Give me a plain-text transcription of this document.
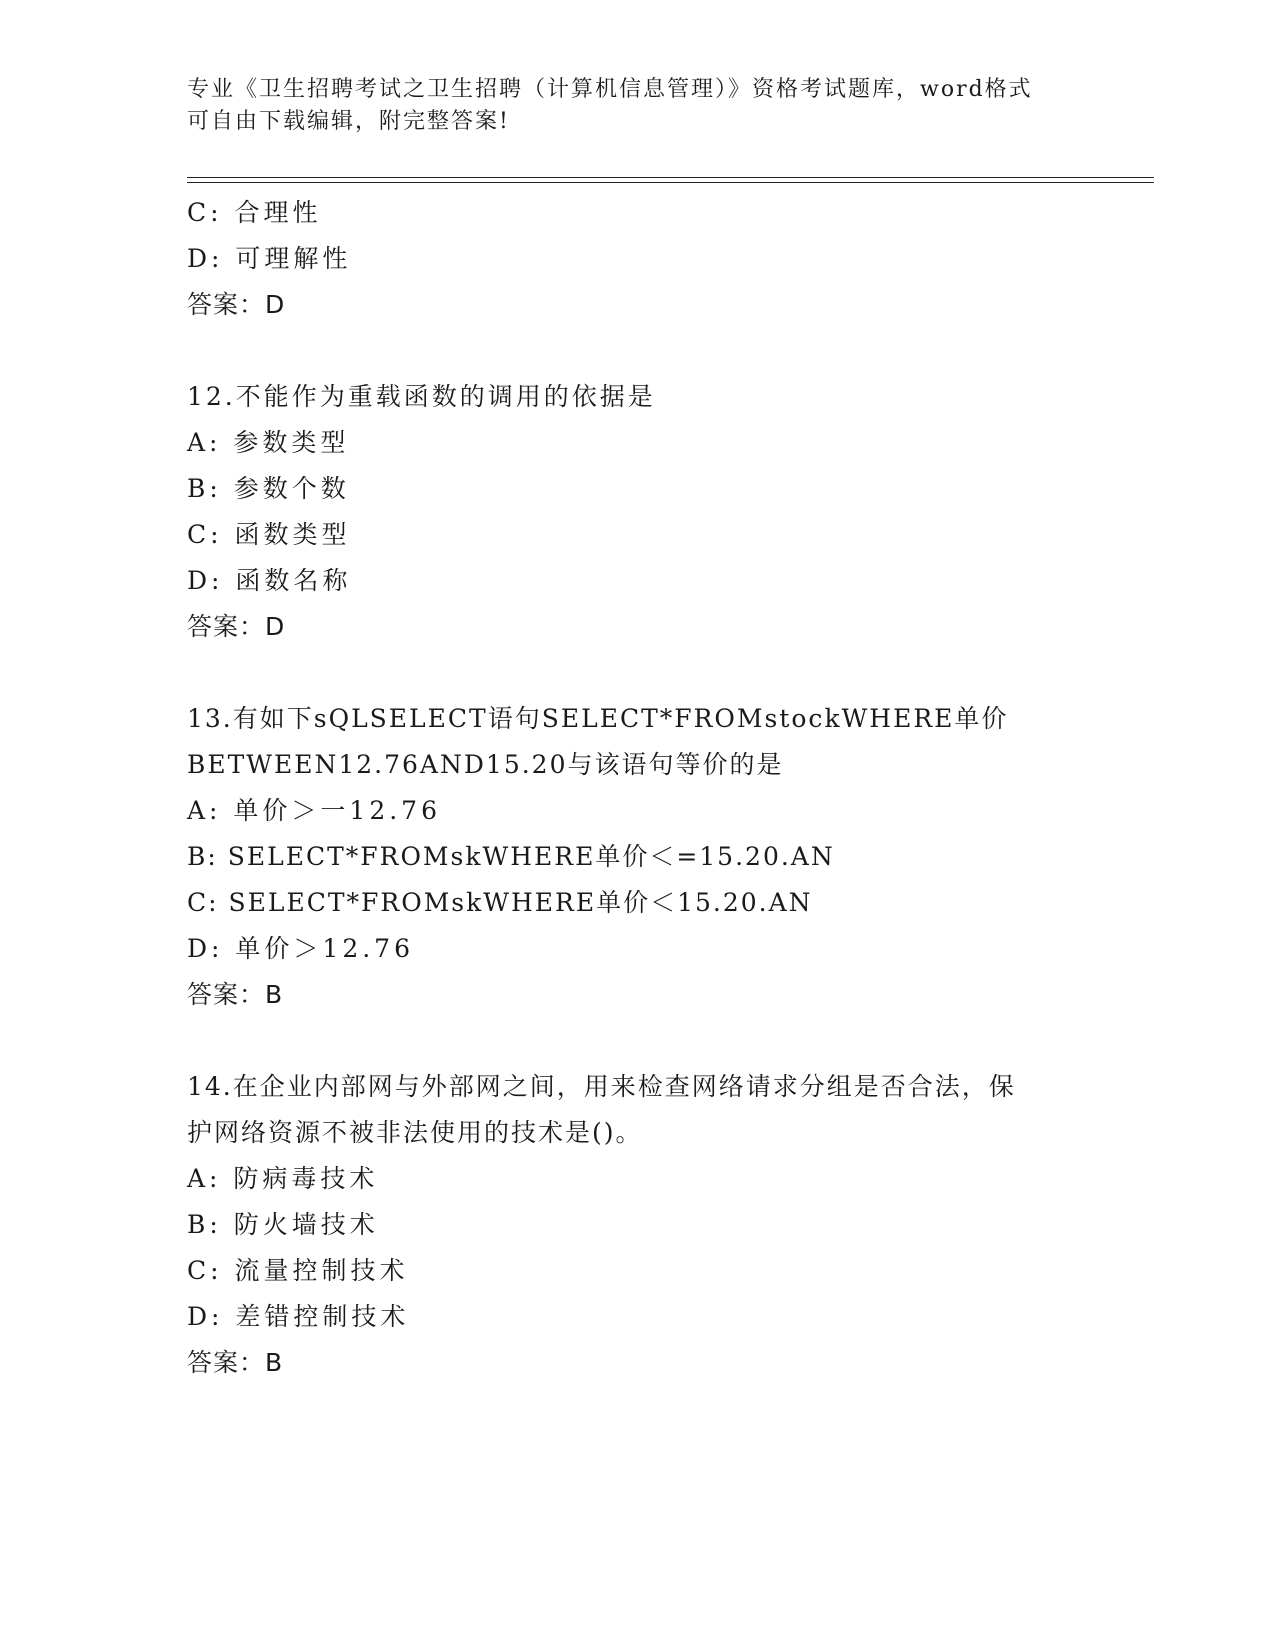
专业《卫生招聘考试之卫生招聘（计算机信息管理）》资格考试题库，word格式
可自由下载编辑，附完整答案!
C: 合理性
D: 可理解性
答案：D
12.不能作为重载函数的调用的依据是
A: 参数类型
B: 参数个数
C: 函数类型
D: 函数名称
答案：D
13.有如下sQLSELECT语句SELECT*FROMstockWHERE单价
BETWEEN12.76AND15.20与该语句等价的是
A: 单价＞一12.76
B: SELECT*FROMskWHERE单价＜=15.20.AN
C: SELECT*FROMskWHERE单价＜15.20.AN
D: 单价＞12.76
答案：B
14.在企业内部网与外部网之间，用来检查网络请求分组是否合法，保
护网络资源不被非法使用的技术是()。
A: 防病毒技术
B: 防火墙技术
C: 流量控制技术
D: 差错控制技术
答案：B
